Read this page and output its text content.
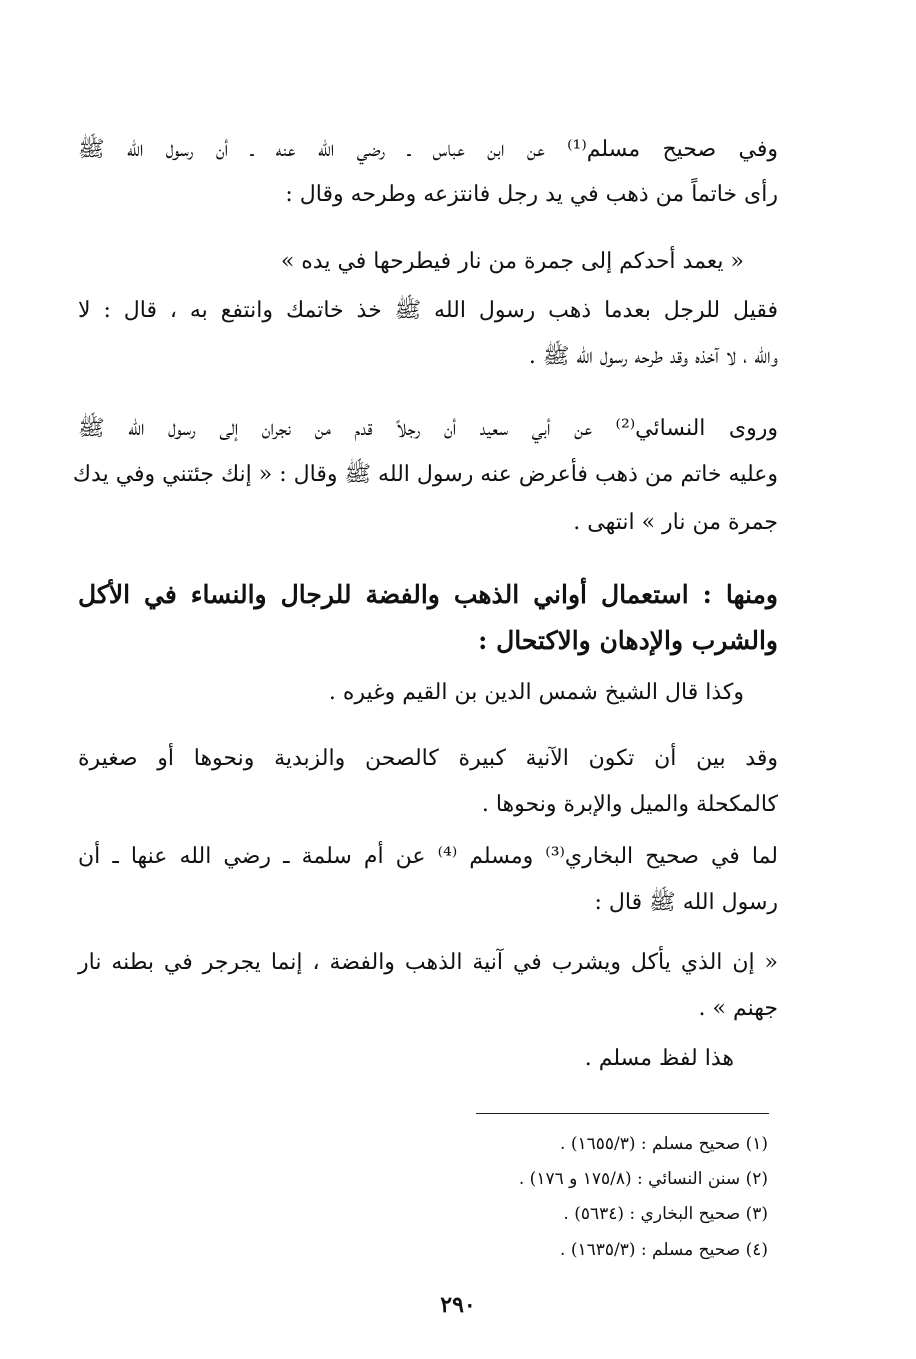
وفي صحيح مسلم⁽¹⁾ عن ابن عباس ـ رضي الله عنه ـ أن رسول الله ﷺ
رأى خاتماً من ذهب في يد رجل فانتزعه وطرحه وقال :
« يعمد أحدكم إلى جمرة من نار فيطرحها في يده »
فقيل للرجل بعدما ذهب رسول الله ﷺ خذ خاتمك وانتفع به ، قال : لا
والله ، لا آخذه وقد طرحه رسول الله ﷺ .
وروى النسائي⁽²⁾ عن أبي سعيد أن رجلاً قدم من نجران إلى رسول الله ﷺ
وعليه خاتم من ذهب فأعرض عنه رسول الله ﷺ وقال : « إنك جئتني وفي يدك
جمرة من نار » انتهى .
ومنها : استعمال أواني الذهب والفضة للرجال والنساء في الأكل
والشرب والإدهان والاكتحال :
وكذا قال الشيخ شمس الدين بن القيم وغيره .
وقد بين أن تكون الآنية كبيرة كالصحن والزبدية ونحوها أو صغيرة
كالمكحلة والميل والإبرة ونحوها .
لما في صحيح البخاري⁽³⁾ ومسلم ⁽⁴⁾ عن أم سلمة ـ رضي الله عنها ـ أن
رسول الله ﷺ قال :
« إن الذي يأكل ويشرب في آنية الذهب والفضة ، إنما يجرجر في بطنه نار
جهنم » .
هذا لفظ مسلم .
(١) صحيح مسلم : (١٦٥٥/٣) .
(٢) سنن النسائي : (١٧٥/٨ و ١٧٦) .
(٣) صحيح البخاري : (٥٦٣٤) .
(٤) صحيح مسلم : (١٦٣٥/٣) .
٢٩٠
